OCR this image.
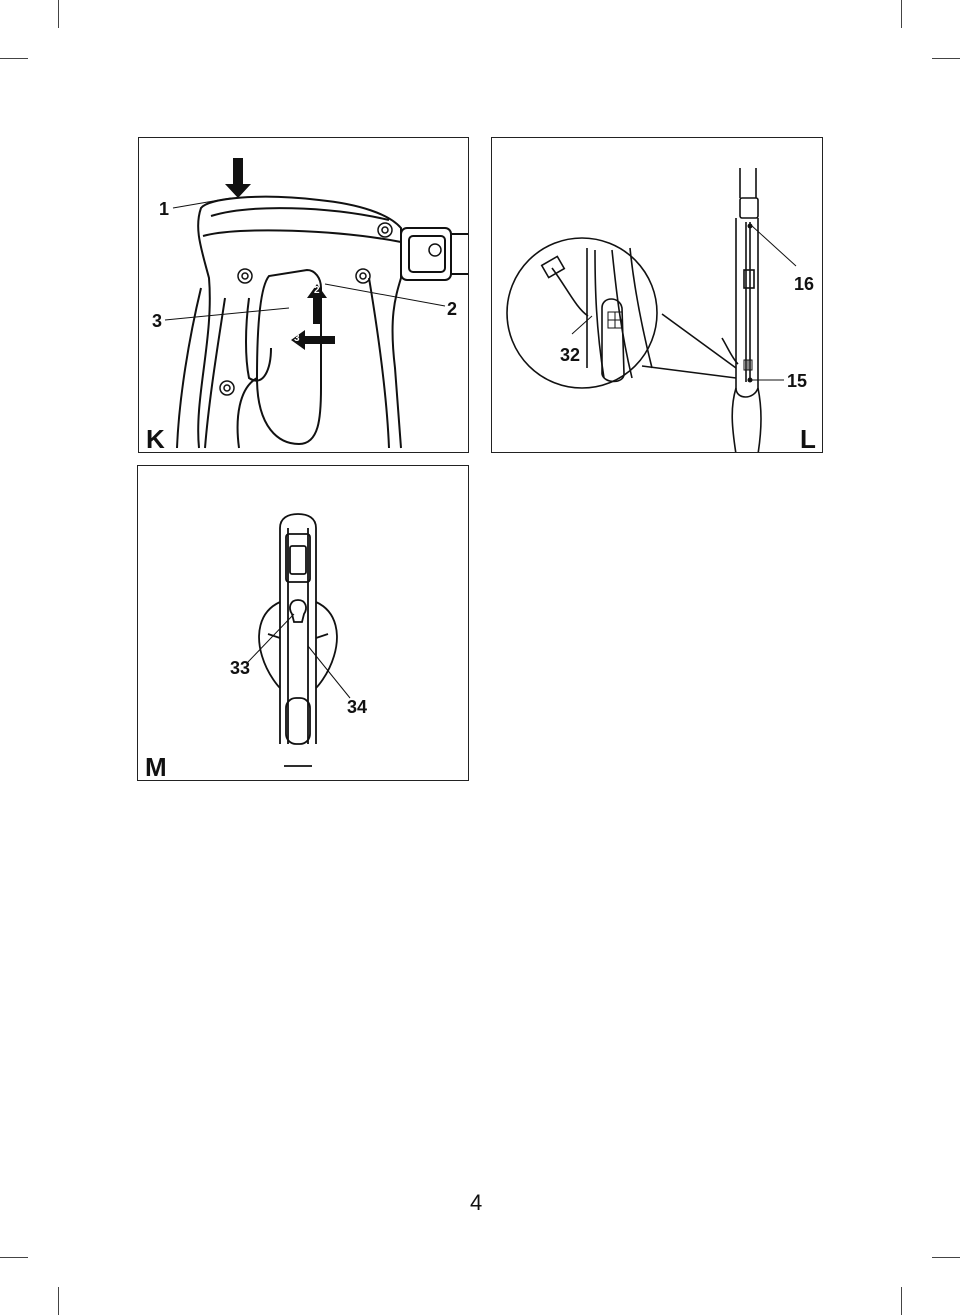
1
3
2
2
3
K
16
32
15
L
33
34
M
4
